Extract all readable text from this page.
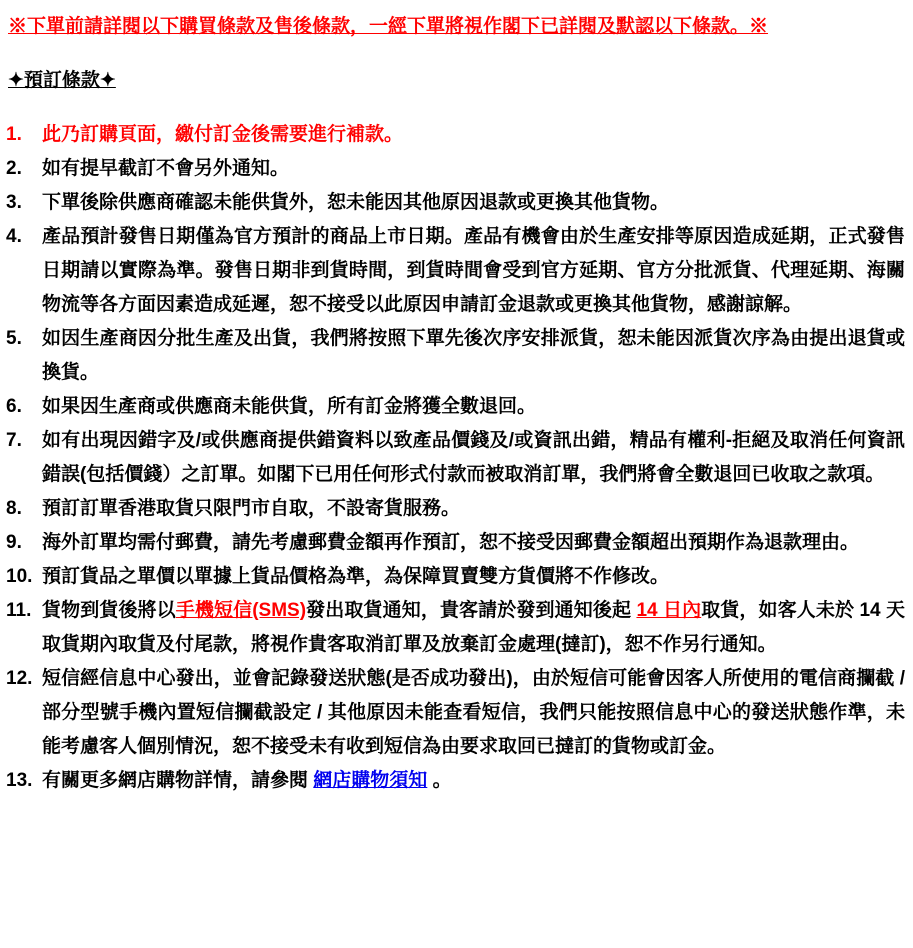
※下單前請詳閱以下購買條款及售後條款，一經下單將視作閣下已詳閱及默認以下條款。※
✦預訂條款✦
1.	此乃訂購頁面，繳付訂金後需要進行補款。
2.	如有提早截訂不會另外通知。
3.	下單後除供應商確認未能供貨外，恕未能因其他原因退款或更換其他貨物。
4.	產品預計發售日期僅為官方預計的商品上市日期。產品有機會由於生產安排等原因造成延期，正式發售日期請以實際為準。發售日期非到貨時間，到貨時間會受到官方延期、官方分批派貨、代理延期、海關物流等各方面因素造成延遲，恕不接受以此原因申請訂金退款或更換其他貨物，感謝諒解。
5.	如因生產商因分批生產及出貨，我們將按照下單先後次序安排派貨，恕未能因派貨次序為由提出退貨或換貨。
6.	如果因生產商或供應商未能供貨，所有訂金將獲全數退回。
7.	如有出現因錯字及/或供應商提供錯資料以致產品價錢及/或資訊出錯，精品有權利-拒絕及取消任何資訊錯誤(包括價錢）之訂單。如閣下已用任何形式付款而被取消訂單，我們將會全數退回已收取之款項。
8.	預訂訂單香港取貨只限門市自取，不設寄貨服務。
9.	海外訂單均需付郵費，請先考慮郵費金額再作預訂，恕不接受因郵費金額超出預期作為退款理由。
10. 預訂貨品之單價以單據上貨品價格為準，為保障買賣雙方貨價將不作修改。
11. 貨物到貨後將以手機短信(SMS)發出取貨通知，貴客請於發到通知後起 14 日內取貨，如客人未於 14 天取貨期內取貨及付尾款，將視作貴客取消訂單及放棄訂金處理(撻訂)，恕不作另行通知。
12. 短信經信息中心發出，並會記錄發送狀態(是否成功發出)，由於短信可能會因客人所使用的電信商攔截 / 部分型號手機內置短信攔截設定 / 其他原因未能查看短信，我們只能按照信息中心的發送狀態作準，未能考慮客人個別情況，恕不接受未有收到短信為由要求取回已撻訂的貨物或訂金。
13. 有關更多網店購物詳情，請參閱 網店購物須知 。
